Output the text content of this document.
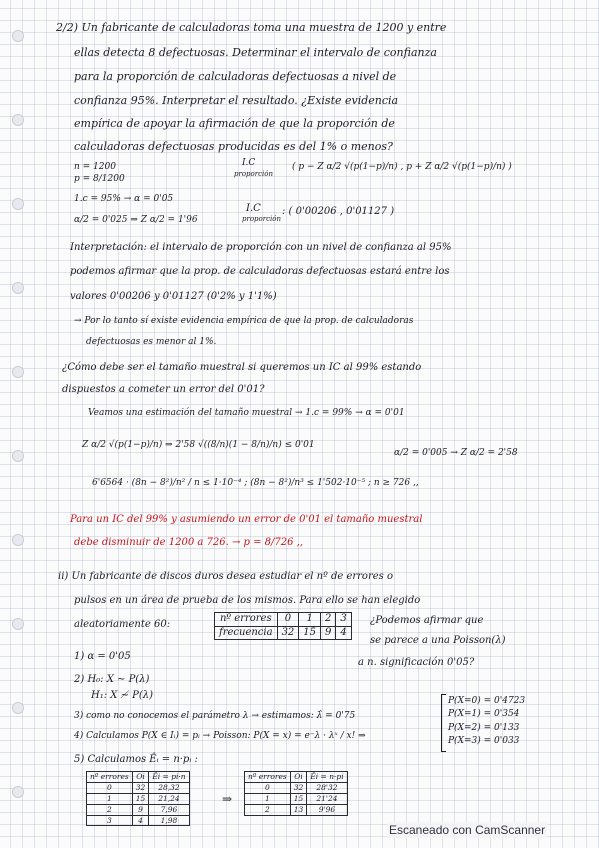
2/2) Un fabricante de calculadoras toma una muestra de 1200 y entre
ellas detecta 8 defectuosas. Determinar el intervalo de confianza
para la proporción de calculadoras defectuosas a nivel de
confianza 95%. Interpretar el resultado. ¿Existe evidencia
empírica de apoyar la afirmación de que la proporción de
calculadoras defectuosas producidas es del 1% o menos?
n = 1200
p = 8/1200
I.C
proporción
( p − Z α/2 √(p(1−p)/n) , p + Z α/2 √(p(1−p)/n) )
1.c = 95% → α = 0'05
α/2 = 0'025 ⇒ Z α/2 = 1'96
I.C
proporción
: ( 0'00206 , 0'01127 )
Interpretación: el intervalo de proporción con un nivel de confianza al 95%
podemos afirmar que la prop. de calculadoras defectuosas estará entre los
valores 0'00206 y 0'01127 (0'2% y 1'1%)
→ Por lo tanto sí existe evidencia empírica de que la prop. de calculadoras
defectuosas es menor al 1%.
¿Cómo debe ser el tamaño muestral si queremos un IC al 99% estando
dispuestos a cometer un error del 0'01?
Veamos una estimación del tamaño muestral → 1.c = 99% → α = 0'01
Z α/2 √(p(1−p)/n) ⇒ 2'58 √((8/n)(1 − 8/n)/n) ≤ 0'01
α/2 = 0'005 → Z α/2 = 2'58
6'6564 · (8n − 8²)/n² / n ≤ 1·10⁻⁴ ; (8n − 8²)/n³ ≤ 1'502·10⁻⁵ ; n ≥ 726 ,,
Para un IC del 99% y asumiendo un error de 0'01 el tamaño muestral
debe disminuir de 1200 a 726. → p = 8/726 ,,
ii) Un fabricante de discos duros desea estudiar el nº de errores o
pulsos en un área de prueba de los mismos. Para ello se han elegido
aleatoriamente 60:
nº errores	0	1	2	3
frecuencia	32	15	9	4
¿Podemos afirmar que
se parece a una Poisson(λ)
a n. significación 0'05?
1) α = 0'05
2) H₀: X ∼ P(λ)
H₁: X ≁ P(λ)
3) como no conocemos el parámetro λ → estimamos: λ̂ = 0'75
4) Calculamos P(X ∈ Iᵢ) = pᵢ → Poisson: P(X = x) = e⁻λ · λˣ / x! ⇒
P(X=0) = 0'4723
P(X=1) = 0'354
P(X=2) = 0'133
P(X=3) = 0'033
5) Calculamos Êᵢ = n·pᵢ :
nº errores	Oi	Êi = pi·n
0	32	28,32
1	15	21,24
2	9	7,96
3	4	1,98
⇒
nº errores	Oi	Êi = n·pi
0	32	28'32
1	15	21'24
2	13	9'96
Escaneado con CamScanner
